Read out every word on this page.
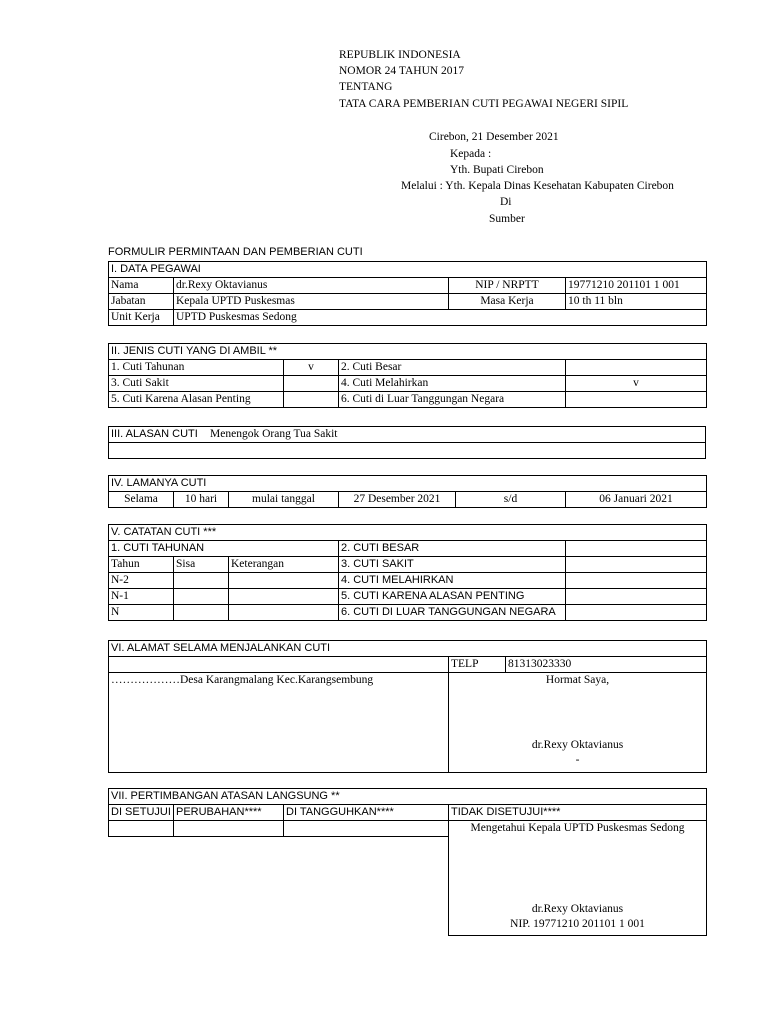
REPUBLIK INDONESIA
NOMOR 24 TAHUN 2017
TENTANG
TATA CARA PEMBERIAN CUTI PEGAWAI NEGERI SIPIL
Cirebon, 21 Desember 2021
Kepada :
Yth. Bupati Cirebon
Melalui : Yth. Kepala Dinas Kesehatan Kabupaten Cirebon
Di
Sumber
FORMULIR PERMINTAAN DAN PEMBERIAN CUTI
I. DATA PEGAWAI			
Nama	dr.Rexy Oktavianus	NIP / NRPTT	19771210 201101 1 001
Jabatan	Kepala UPTD Puskesmas	Masa Kerja	10 th 11 bln
Unit Kerja	UPTD Puskesmas Sedong		
II. JENIS CUTI YANG DI AMBIL **			
1. Cuti Tahunan	v	2. Cuti Besar	
3. Cuti Sakit		4. Cuti Melahirkan	v
5. Cuti Karena Alasan Penting		6. Cuti di Luar Tanggungan Negara	
III. ALASAN CUTI Menengok Orang Tua Sakit

IV. LAMANYA CUTI
Selama	10 hari	mulai tanggal	27 Desember 2021	s/d	06 Januari 2021
V. CATATAN CUTI ***				
1. CUTI TAHUNAN			2. CUTI BESAR	
Tahun	Sisa	Keterangan	3. CUTI SAKIT	
N-2			4. CUTI MELAHIRKAN	
N-1			5. CUTI KARENA ALASAN PENTING	
N			6. CUTI DI LUAR TANGGUNGAN NEGARA	
VI. ALAMAT SELAMA MENJALANKAN CUTI		
	TELP	81313023330
………………Desa Karangmalang Kec.Karangsembung	Hormat Saya,
dr.Rexy Oktavianus
-	
VII. PERTIMBANGAN ATASAN LANGSUNG **			
DI SETUJUI	PERUBAHAN****	DI TANGGUHKAN****	TIDAK DISETUJUI****

			Mengetahui Kepala UPTD Puskesmas Sedong
dr.Rexy Oktavianus
NIP. 19771210 201101 1 001
